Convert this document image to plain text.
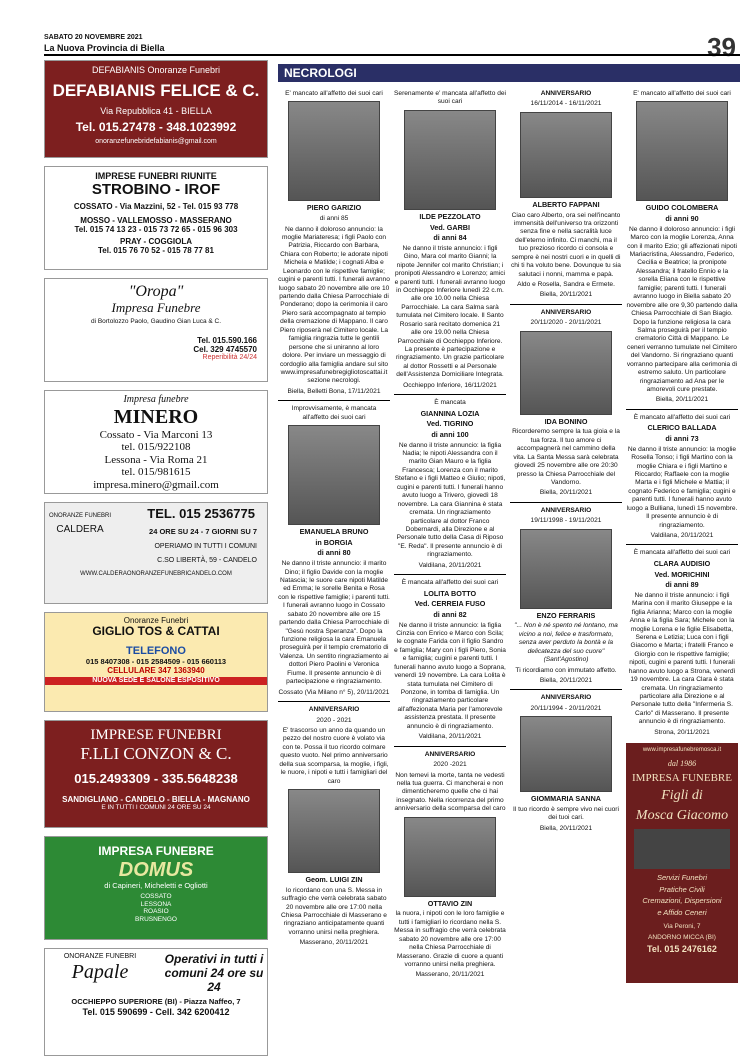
SABATO 20 NOVEMBRE 2021
La Nuova Provincia di Biella	39
DEFABIANIS Onoranze Funebri
DEFABIANIS FELICE & C.
Via Repubblica 41 - BIELLA
Tel. 015.27478 - 348.1023992
onoranzefunebridefabianis@gmail.com
IMPRESE FUNEBRI RIUNITE
STROBINO - IROF
COSSATO - Via Mazzini, 52 - Tel. 015 93 778
MOSSO - VALLEMOSSO - MASSERANO
Tel. 015 74 13 23 - 015 73 72 65 - 015 96 303
PRAY - COGGIOLA
Tel. 015 76 70 52 - 015 78 77 81
"Oropa"
Impresa Funebre
di Bortolozzo Paolo, Gaudino Gian Luca & C.
Tel. 015.590.166
Cel. 329 4745570
Reperibilità 24/24
Impresa funebre
MINERO
Cossato - Via Marconi 13
tel. 015/922108
Lessona - Via Roma 21
tel. 015/981615
impresa.minero@gmail.com
ONORANZE FUNEBRI	TEL. 015 2536775
CALDERA	24 ORE SU 24 - 7 GIORNI SU 7
OPERIAMO IN TUTTI I COMUNI
C.SO LIBERTÀ, 59 - CANDELO
WWW.CALDERAONORANZEFUNEBRICANDELO.COM
Onoranze Funebri
GIGLIO TOS & CATTAI
TELEFONO
015 8407308 - 015 2584509 - 015 660113
CELLULARE 347 1363940
NUOVA SEDE E SALONE ESPOSITIVO
IMPRESE FUNEBRI
F.LLI CONZON & C.
015.2493309 - 335.5648238
SANDIGLIANO - CANDELO - BIELLA - MAGNANO
E IN TUTTI I COMUNI 24 ORE SU 24
IMPRESA FUNEBRE
DOMUS
di Capineri, Micheletti e Ogliotti
COSSATO
LESSONA
ROASIO
BRUSNENGO
ONORANZE FUNEBRI	Operativi in tutti i comuni 24 ore su 24
Papale
OCCHIEPPO SUPERIORE (BI) - Piazza Naffeo, 7
Tel. 015 590699 - Cell. 342 6200412
NECROLOGI

E' mancato all'affetto dei suoi cari

PIERO GARIZIO

di anni 85

Ne danno il doloroso annuncio: la moglie Mariateresa; i figli Paolo con Patrizia, Riccardo con Barbara, Chiara con Roberto; le adorate nipoti Michela e Matilde; i cognati Alba e Leonardo con le rispettive famiglie; cugini e parenti tutti. I funerali avranno luogo sabato 20 novembre alle ore 10 partendo dalla Chiesa Parrocchiale di Ponderano; dopo la cerimonia il caro Piero sarà accompagnato al tempio della cremazione di Mappano. Il caro Piero riposerà nel Cimitero locale. La famiglia ringrazia tutte le gentili persone che si uniranno al loro dolore. Per inviare un messaggio di cordoglio alla famiglia andare sul sito www.impresafunebregigliotoscattai.it sezione necrologi.

Biella, Belletti Bona, 17/11/2021

Improvvisamente, è mancata all'affetto dei suoi cari

EMANUELA BRUNO

in BORGIA

di anni 80

Ne danno il triste annuncio: il marito Dino; il figlio Davide con la moglie Natascia; le suore care nipoti Matilde ed Emma; le sorelle Benita e Rosa con le rispettive famiglie; i parenti tutti. I funerali avranno luogo in Cossato sabato 20 novembre alle ore 15 partendo dalla Chiesa Parrocchiale di "Gesù nostra Speranza". Dopo la funzione religiosa la cara Emanuela proseguirà per il tempio crematorio di Valenza. Un sentito ringraziamento ai dottori Piero Paolini e Veronica Fiume. Il presente annuncio è di partecipazione e ringraziamento.

Cossato (Via Milano n° 5), 20/11/2021

ANNIVERSARIO

2020 - 2021

E' trascorso un anno da quando un pezzo del nostro cuore è volato via con te. Possa il tuo ricordo colmare questo vuoto. Nel primo anniversario della sua scomparsa, la moglie, i figli, le nuore, i nipoti e tutti i famigliari del caro

Geom. LUIGI ZIN

lo ricordano con una S. Messa in suffragio che verrà celebrata sabato 20 novembre alle ore 17:00 nella Chiesa Parrocchiale di Masserano e ringraziano anticipatamente quanti vorranno unirsi nella preghiera.

Masserano, 20/11/2021

Serenamente e' mancata all'affetto dei suoi cari

ILDE PEZZOLATO

Ved. GARBI

di anni 84

Ne danno il triste annuncio: i figli Gino, Mara col marito Gianni; la nipote Jennifer col marito Christian; i pronipoti Alessandro e Lorenzo; amici e parenti tutti. I funerali avranno luogo in Occhieppo Inferiore lunedì 22 c.m. alle ore 10.00 nella Chiesa Parrocchiale. La cara Salma sarà tumulata nel Cimitero locale. Il Santo Rosario sarà recitato domenica 21 alle ore 19.00 nella Chiesa Parrocchiale di Occhieppo Inferiore. La presente è partecipazione e ringraziamento. Un grazie particolare al dottor Rossetti e al Personale dell'Assistenza Domiciliare Integrata.

Occhieppo Inferiore, 16/11/2021

È mancata

GIANNINA LOZIA

Ved. TIGRINO

di anni 100

Ne danno il triste annuncio: la figlia Nadia; le nipoti Alessandra con il marito Gian Mauro e la figlia Francesca; Lorenza con il marito Stefano e i figli Matteo e Giulio; nipoti, cugini e parenti tutti. I funerali hanno avuto luogo a Trivero, giovedì 18 novembre. La cara Giannina è stata cremata. Un ringraziamento particolare al dottor Franco Dobernardi, alla Direzione e al Personale tutto della Casa di Riposo "E. Reda". Il presente annuncio è di ringraziamento.

Valdilana, 20/11/2021

È mancata all'affetto dei suoi cari

LOLITA BOTTO

Ved. CERREIA FUSO

di anni 82

Ne danno il triste annuncio: la figlia Cinzia con Enrico e Marco con Scila; le cognate Farida con il figlio Sandro e famiglia; Mary con i figli Piero, Sonia e famiglia; cugini e parenti tutti. I funerali hanno avuto luogo a Soprana, venerdì 19 novembre. La cara Lolita è stata tumulata nel Cimitero di Ponzone, in tomba di famiglia. Un ringraziamento particolare all'affezionata Maria per l'amorevole assistenza prestata. Il presente annuncio è di ringraziamento.

Valdilana, 20/11/2021

ANNIVERSARIO

2020 -2021

Non temevi la morte, tanta ne vedesti nella tua guerra. Ci mancherai e non dimenticheremo quelle che ci hai insegnato. Nella ricorrenza del primo anniversario della scomparsa del caro

OTTAVIO ZIN

la nuora, i nipoti con le loro famiglie e tutti i famigliari lo ricordano nella S. Messa in suffragio che verrà celebrata sabato 20 novembre alle ore 17:00 nella Chiesa Parrocchiale di Masserano. Grazie di cuore a quanti vorranno unirsi nella preghiera.

Masserano, 20/11/2021

ANNIVERSARIO

16/11/2014 - 16/11/2021

ALBERTO FAPPANI

Ciao caro Alberto, ora sei nell'incanto immensità dell'universo tra orizzonti senza fine e nella sacralità luce dell'eterno infinito. Ci manchi, ma il tuo prezioso ricordo ci consola e sempre è nei nostri cuori e in quelli di chi ti ha voluto bene. Dovunque tu sia salutaci i nonni, mamma e papà.

Aldo e Rosella, Sandra e Ermete.

Biella, 20/11/2021

ANNIVERSARIO

20/11/2020 - 20/11/2021

IDA BONINO

Ricorderemo sempre la tua gioia e la tua forza. Il tuo amore ci accompagnerà nel cammino della vita. La Santa Messa sarà celebrata giovedì 25 novembre alle ore 20:30 presso la Chiesa Parrocchiale del Vandorno.

Biella, 20/11/2021

ANNIVERSARIO

19/11/1998 - 19/11/2021

ENZO FERRARIS

"... Non è né spento né lontano, ma vicino a noi, felice e trasformato, senza aver perduto la bontà e la delicatezza del suo cuore" (Sant'Agostino)

Ti ricordiamo con immutato affetto.

Biella, 20/11/2021

ANNIVERSARIO

20/11/1994 - 20/11/2021

GIOMMARIA SANNA

Il tuo ricordo è sempre vivo nei cuori dei tuoi cari.

Biella, 20/11/2021

E' mancato all'affetto dei suoi cari

GUIDO COLOMBERA

di anni 90

Ne danno il doloroso annuncio: i figli Marco con la moglie Lorenza, Anna con il marito Ezio; gli affezionati nipoti Mariacristina, Alessandro, Federico, Cecilia e Beatrice; la pronipote Alessandra; il fratello Ennio e la sorella Eliana con le rispettive famiglie; parenti tutti. I funerali avranno luogo in Biella sabato 20 novembre alle ore 9,30 partendo dalla Chiesa Parrocchiale di San Biagio. Dopo la funzione religiosa la cara Salma proseguirà per il tempio crematorio Città di Mappano. Le ceneri verranno tumulate nel Cimitero del Vandorno. Si ringraziano quanti vorranno partecipare alla cerimonia di estremo saluto. Un particolare ringraziamento ad Ana per le amorevoli cure prestate.

Biella, 20/11/2021

È mancato all'affetto dei suoi cari

CLERICO BALLADA

di anni 73

Ne danno il triste annuncio: la moglie Rosella Tonso; i figli Martino con la moglie Chiara e i figli Martino e Riccardo; Raffaele con la moglie Marta e i figli Michele e Mattia; il cognato Federico e famiglia; cugini e parenti tutti. I funerali hanno avuto luogo a Bulliana, lunedì 15 novembre. Il presente annuncio è di ringraziamento.

Valdilana, 20/11/2021

È mancata all'affetto dei suoi cari

CLARA AUDISIO

Ved. MORICHINI

di anni 89

Ne danno il triste annuncio: i figli Marina con il marito Giuseppe e la figlia Arianna; Marco con la moglie Anna e la figlia Sara; Michele con la moglie Lorena e le figlie Elisabetta, Serena e Letizia; Luca con i figli Giacomo e Marta; i fratelli Franco e Giorgio con le rispettive famiglie; nipoti, cugini e parenti tutti. I funerali hanno avuto luogo a Strona, venerdì 19 novembre. La cara Clara è stata cremata. Un ringraziamento particolare alla Direzione e al Personale tutto della "Infermeria S. Carlo" di Masserano. Il presente annuncio è di ringraziamento.

Strona, 20/11/2021

www.impresafunebremosca.it

dal 1986

IMPRESA FUNEBRE

Figli di

Mosca Giacomo

Servizi Funebri

Pratiche Civili

Cremazioni, Dispersioni

e Affido Ceneri

Via Peroni, 7

ANDORNO MICCA (BI)

Tel. 015 2476162
